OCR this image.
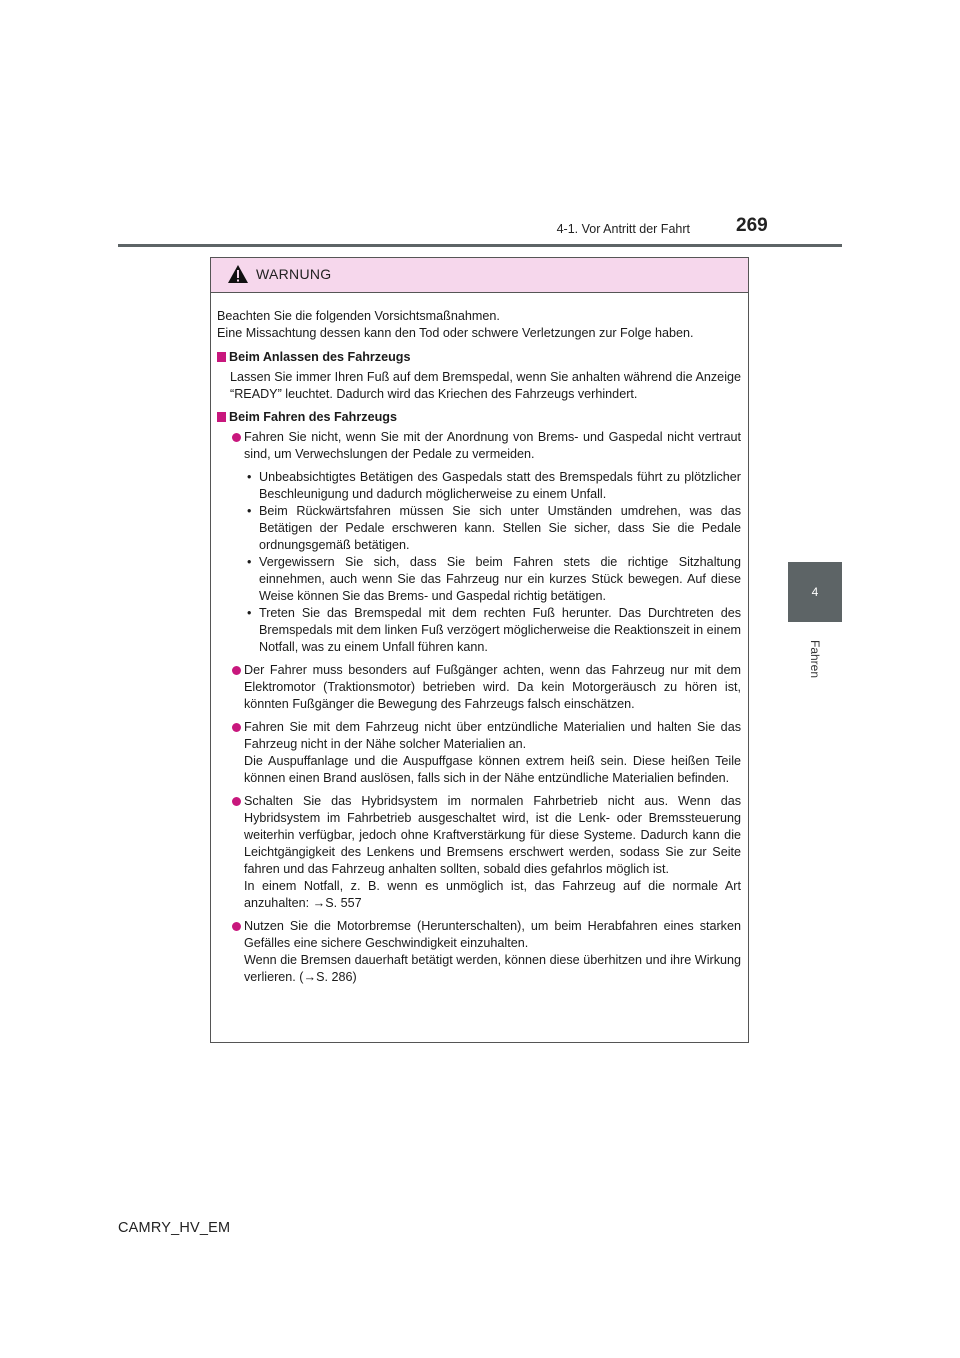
4-1. Vor Antritt der Fahrt 269
4
Fahren
WARNUNG

Beachten Sie die folgenden Vorsichtsmaßnahmen.

Eine Missachtung dessen kann den Tod oder schwere Verletzungen zur Folge haben.

Beim Anlassen des Fahrzeugs

Lassen Sie immer Ihren Fuß auf dem Bremspedal, wenn Sie anhalten während die Anzeige “READY” leuchtet. Dadurch wird das Kriechen des Fahrzeugs verhindert.

Beim Fahren des Fahrzeugs

Fahren Sie nicht, wenn Sie mit der Anordnung von Brems- und Gaspedal nicht vertraut sind, um Verwechslungen der Pedale zu vermeiden.

• Unbeabsichtigtes Betätigen des Gaspedals statt des Bremspedals führt zu plötzlicher Beschleunigung und dadurch möglicherweise zu einem Unfall.

• Beim Rückwärtsfahren müssen Sie sich unter Umständen umdrehen, was das Betätigen der Pedale erschweren kann. Stellen Sie sicher, dass Sie die Pedale ordnungsgemäß betätigen.

• Vergewissern Sie sich, dass Sie beim Fahren stets die richtige Sitzhaltung einnehmen, auch wenn Sie das Fahrzeug nur ein kurzes Stück bewegen. Auf diese Weise können Sie das Brems- und Gaspedal richtig betätigen.

• Treten Sie das Bremspedal mit dem rechten Fuß herunter. Das Durchtreten des Bremspedals mit dem linken Fuß verzögert möglicherweise die Reaktionszeit in einem Notfall, was zu einem Unfall führen kann.

Der Fahrer muss besonders auf Fußgänger achten, wenn das Fahrzeug nur mit dem Elektromotor (Traktionsmotor) betrieben wird. Da kein Motorgeräusch zu hören ist, könnten Fußgänger die Bewegung des Fahrzeugs falsch einschätzen.

Fahren Sie mit dem Fahrzeug nicht über entzündliche Materialien und halten Sie das Fahrzeug nicht in der Nähe solcher Materialien an.

Die Auspuffanlage und die Auspuffgase können extrem heiß sein. Diese heißen Teile können einen Brand auslösen, falls sich in der Nähe entzündliche Materialien befinden.

Schalten Sie das Hybridsystem im normalen Fahrbetrieb nicht aus. Wenn das Hybridsystem im Fahrbetrieb ausgeschaltet wird, ist die Lenk- oder Bremssteuerung weiterhin verfügbar, jedoch ohne Kraftverstärkung für diese Systeme. Dadurch kann die Leichtgängigkeit des Lenkens und Bremsens erschwert werden, sodass Sie zur Seite fahren und das Fahrzeug anhalten sollten, sobald dies gefahrlos möglich ist.

In einem Notfall, z. B. wenn es unmöglich ist, das Fahrzeug auf die normale Art anzuhalten: →S. 557

Nutzen Sie die Motorbremse (Herunterschalten), um beim Herabfahren eines starken Gefälles eine sichere Geschwindigkeit einzuhalten.

Wenn die Bremsen dauerhaft betätigt werden, können diese überhitzen und ihre Wirkung verlieren. (→S. 286)

CAMRY_HV_EM
